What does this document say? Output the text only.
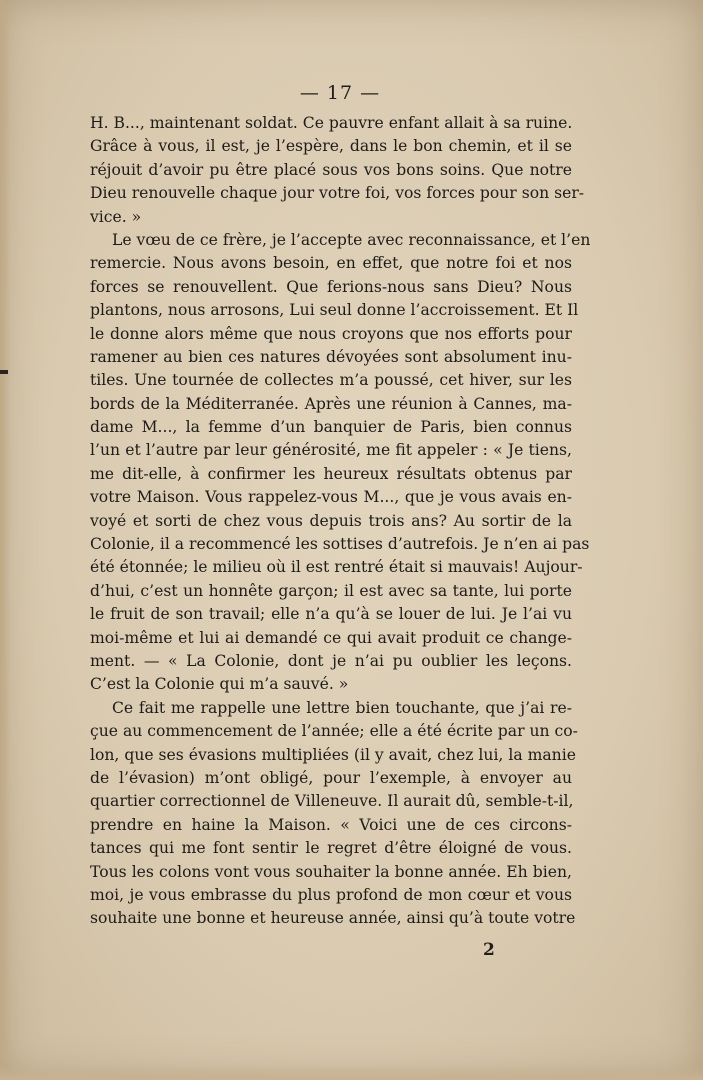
— 17 —
H. B..., maintenant soldat. Ce pauvre enfant allait à sa ruine.
Grâce à vous, il est, je l’espère, dans le bon chemin, et il se
réjouit d’avoir pu être placé sous vos bons soins. Que notre
Dieu renouvelle chaque jour votre foi, vos forces pour son ser-
vice. »
Le vœu de ce frère, je l’accepte avec reconnaissance, et l’en
remercie. Nous avons besoin, en effet, que notre foi et nos
forces se renouvellent. Que ferions-nous sans Dieu? Nous
plantons, nous arrosons, Lui seul donne l’accroissement. Et Il
le donne alors même que nous croyons que nos efforts pour
ramener au bien ces natures dévoyées sont absolument inu-
tiles. Une tournée de collectes m’a poussé, cet hiver, sur les
bords de la Méditerranée. Après une réunion à Cannes, ma-
dame M..., la femme d’un banquier de Paris, bien connus
l’un et l’autre par leur générosité, me fit appeler : « Je tiens,
me dit-elle, à confirmer les heureux résultats obtenus par
votre Maison. Vous rappelez-vous M..., que je vous avais en-
voyé et sorti de chez vous depuis trois ans? Au sortir de la
Colonie, il a recommencé les sottises d’autrefois. Je n’en ai pas
été étonnée; le milieu où il est rentré était si mauvais! Aujour-
d’hui, c’est un honnête garçon; il est avec sa tante, lui porte
le fruit de son travail; elle n’a qu’à se louer de lui. Je l’ai vu
moi-même et lui ai demandé ce qui avait produit ce change-
ment. — « La Colonie, dont je n’ai pu oublier les leçons.
C’est la Colonie qui m’a sauvé. »
Ce fait me rappelle une lettre bien touchante, que j’ai re-
çue au commencement de l’année; elle a été écrite par un co-
lon, que ses évasions multipliées (il y avait, chez lui, la manie
de l’évasion) m’ont obligé, pour l’exemple, à envoyer au
quartier correctionnel de Villeneuve. Il aurait dû, semble-t-il,
prendre en haine la Maison. « Voici une de ces circons-
tances qui me font sentir le regret d’être éloigné de vous.
Tous les colons vont vous souhaiter la bonne année. Eh bien,
moi, je vous embrasse du plus profond de mon cœur et vous
souhaite une bonne et heureuse année, ainsi qu’à toute votre
2
